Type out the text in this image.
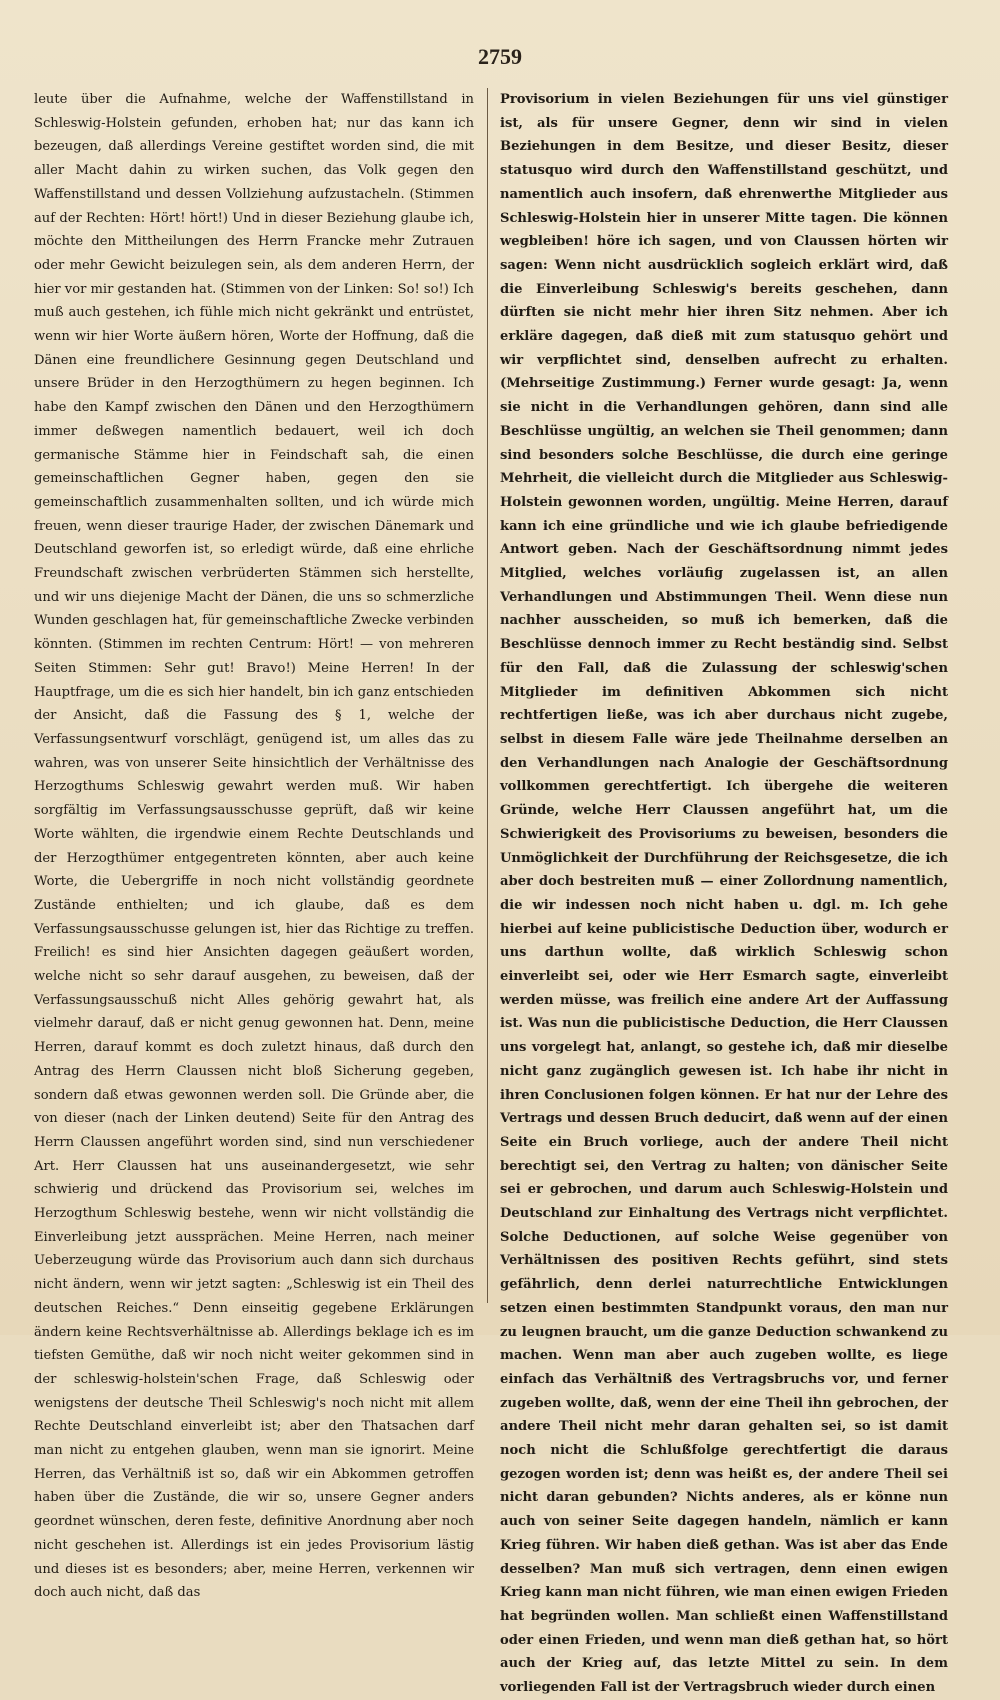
2759

leute über die Aufnahme, welche der Waffenstillstand in Schleswig-Holstein gefunden, erhoben hat; nur das kann ich bezeugen, daß allerdings Vereine gestiftet worden sind, die mit aller Macht dahin zu wirken suchen, das Volk gegen den Waffenstillstand und dessen Vollziehung aufzustacheln. (Stimmen auf der Rechten: Hört! hört!) Und in dieser Beziehung glaube ich, möchte den Mittheilungen des Herrn Francke mehr Zutrauen oder mehr Gewicht beizulegen sein, als dem anderen Herrn, der hier vor mir gestanden hat. (Stimmen von der Linken: So! so!) Ich muß auch gestehen, ich fühle mich nicht gekränkt und entrüstet, wenn wir hier Worte äußern hören, Worte der Hoffnung, daß die Dänen eine freundlichere Gesinnung gegen Deutschland und unsere Brüder in den Herzogthümern zu hegen beginnen. Ich habe den Kampf zwischen den Dänen und den Herzogthümern immer deßwegen namentlich bedauert, weil ich doch germanische Stämme hier in Feindschaft sah, die einen gemeinschaftlichen Gegner haben, gegen den sie gemeinschaftlich zusammenhalten sollten, und ich würde mich freuen, wenn dieser traurige Hader, der zwischen Dänemark und Deutschland geworfen ist, so erledigt würde, daß eine ehrliche Freundschaft zwischen verbrüderten Stämmen sich herstellte, und wir uns diejenige Macht der Dänen, die uns so schmerzliche Wunden geschlagen hat, für gemeinschaftliche Zwecke verbinden könnten. (Stimmen im rechten Centrum: Hört! — von mehreren Seiten Stimmen: Sehr gut! Bravo!) Meine Herren! In der Hauptfrage, um die es sich hier handelt, bin ich ganz entschieden der Ansicht, daß die Fassung des § 1, welche der Verfassungsentwurf vorschlägt, genügend ist, um alles das zu wahren, was von unserer Seite hinsichtlich der Verhältnisse des Herzogthums Schleswig gewahrt werden muß. Wir haben sorgfältig im Verfassungsausschusse geprüft, daß wir keine Worte wählten, die irgendwie einem Rechte Deutschlands und der Herzogthümer entgegentreten könnten, aber auch keine Worte, die Uebergriffe in noch nicht vollständig geordnete Zustände enthielten; und ich glaube, daß es dem Verfassungsausschusse gelungen ist, hier das Richtige zu treffen. Freilich! es sind hier Ansichten dagegen geäußert worden, welche nicht so sehr darauf ausgehen, zu beweisen, daß der Verfassungsausschuß nicht Alles gehörig gewahrt hat, als vielmehr darauf, daß er nicht genug gewonnen hat. Denn, meine Herren, darauf kommt es doch zuletzt hinaus, daß durch den Antrag des Herrn Claussen nicht bloß Sicherung gegeben, sondern daß etwas gewonnen werden soll. Die Gründe aber, die von dieser (nach der Linken deutend) Seite für den Antrag des Herrn Claussen angeführt worden sind, sind nun verschiedener Art. Herr Claussen hat uns auseinandergesetzt, wie sehr schwierig und drückend das Provisorium sei, welches im Herzogthum Schleswig bestehe, wenn wir nicht vollständig die Einverleibung jetzt aussprächen. Meine Herren, nach meiner Ueberzeugung würde das Provisorium auch dann sich durchaus nicht ändern, wenn wir jetzt sagten: „Schleswig ist ein Theil des deutschen Reiches.“ Denn einseitig gegebene Erklärungen ändern keine Rechtsverhältnisse ab. Allerdings beklage ich es im tiefsten Gemüthe, daß wir noch nicht weiter gekommen sind in der schleswig-holstein'schen Frage, daß Schleswig oder wenigstens der deutsche Theil Schleswig's noch nicht mit allem Rechte Deutschland einverleibt ist; aber den Thatsachen darf man nicht zu entgehen glauben, wenn man sie ignorirt. Meine Herren, das Verhältniß ist so, daß wir ein Abkommen getroffen haben über die Zustände, die wir so, unsere Gegner anders geordnet wünschen, deren feste, definitive Anordnung aber noch nicht geschehen ist. Allerdings ist ein jedes Provisorium lästig und dieses ist es besonders; aber, meine Herren, verkennen wir doch auch nicht, daß das

Provisorium in vielen Beziehungen für uns viel günstiger ist, als für unsere Gegner, denn wir sind in vielen Beziehungen in dem Besitze, und dieser Besitz, dieser statusquo wird durch den Waffenstillstand geschützt, und namentlich auch insofern, daß ehrenwerthe Mitglieder aus Schleswig-Holstein hier in unserer Mitte tagen. Die können wegbleiben! höre ich sagen, und von Claussen hörten wir sagen: Wenn nicht ausdrücklich sogleich erklärt wird, daß die Einverleibung Schleswig's bereits geschehen, dann dürften sie nicht mehr hier ihren Sitz nehmen. Aber ich erkläre dagegen, daß dieß mit zum statusquo gehört und wir verpflichtet sind, denselben aufrecht zu erhalten. (Mehrseitige Zustimmung.) Ferner wurde gesagt: Ja, wenn sie nicht in die Verhandlungen gehören, dann sind alle Beschlüsse ungültig, an welchen sie Theil genommen; dann sind besonders solche Beschlüsse, die durch eine geringe Mehrheit, die vielleicht durch die Mitglieder aus Schleswig-Holstein gewonnen worden, ungültig. Meine Herren, darauf kann ich eine gründliche und wie ich glaube befriedigende Antwort geben. Nach der Geschäftsordnung nimmt jedes Mitglied, welches vorläufig zugelassen ist, an allen Verhandlungen und Abstimmungen Theil. Wenn diese nun nachher ausscheiden, so muß ich bemerken, daß die Beschlüsse dennoch immer zu Recht beständig sind. Selbst für den Fall, daß die Zulassung der schleswig'schen Mitglieder im definitiven Abkommen sich nicht rechtfertigen ließe, was ich aber durchaus nicht zugebe, selbst in diesem Falle wäre jede Theilnahme derselben an den Verhandlungen nach Analogie der Geschäftsordnung vollkommen gerechtfertigt. Ich übergehe die weiteren Gründe, welche Herr Claussen angeführt hat, um die Schwierigkeit des Provisoriums zu beweisen, besonders die Unmöglichkeit der Durchführung der Reichsgesetze, die ich aber doch bestreiten muß — einer Zollordnung namentlich, die wir indessen noch nicht haben u. dgl. m. Ich gehe hierbei auf keine publicistische Deduction über, wodurch er uns darthun wollte, daß wirklich Schleswig schon einverleibt sei, oder wie Herr Esmarch sagte, einverleibt werden müsse, was freilich eine andere Art der Auffassung ist. Was nun die publicistische Deduction, die Herr Claussen uns vorgelegt hat, anlangt, so gestehe ich, daß mir dieselbe nicht ganz zugänglich gewesen ist. Ich habe ihr nicht in ihren Conclusionen folgen können. Er hat nur der Lehre des Vertrags und dessen Bruch deducirt, daß wenn auf der einen Seite ein Bruch vorliege, auch der andere Theil nicht berechtigt sei, den Vertrag zu halten; von dänischer Seite sei er gebrochen, und darum auch Schleswig-Holstein und Deutschland zur Einhaltung des Vertrags nicht verpflichtet. Solche Deductionen, auf solche Weise gegenüber von Verhältnissen des positiven Rechts geführt, sind stets gefährlich, denn derlei naturrechtliche Entwicklungen setzen einen bestimmten Standpunkt voraus, den man nur zu leugnen braucht, um die ganze Deduction schwankend zu machen. Wenn man aber auch zugeben wollte, es liege einfach das Verhältniß des Vertragsbruchs vor, und ferner zugeben wollte, daß, wenn der eine Theil ihn gebrochen, der andere Theil nicht mehr daran gehalten sei, so ist damit noch nicht die Schlußfolge gerechtfertigt die daraus gezogen worden ist; denn was heißt es, der andere Theil sei nicht daran gebunden? Nichts anderes, als er könne nun auch von seiner Seite dagegen handeln, nämlich er kann Krieg führen. Wir haben dieß gethan. Was ist aber das Ende desselben? Man muß sich vertragen, denn einen ewigen Krieg kann man nicht führen, wie man einen ewigen Frieden hat begründen wollen. Man schließt einen Waffenstillstand oder einen Frieden, und wenn man dieß gethan hat, so hört auch der Krieg auf, das letzte Mittel zu sein. In dem vorliegenden Fall ist der Vertragsbruch wieder durch einen
